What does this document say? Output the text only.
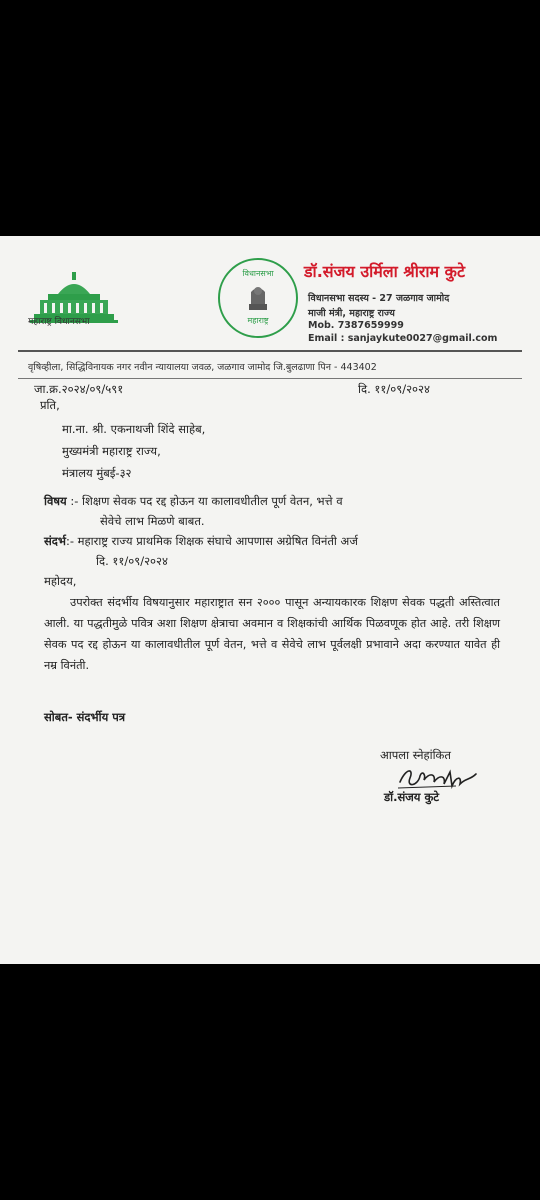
महाराष्ट्र विधानसभा
विधानसभा
महाराष्ट्र
डॉ.संजय उर्मिला श्रीराम कुटे
विधानसभा सदस्य - 27 जळगाव जामोद
माजी मंत्री, महाराष्ट्र राज्य
Mob. 7387659999
Email : sanjaykute0027@gmail.com
वृषिव्हीला, सिद्धिविनायक नगर नवीन न्यायालया जवळ, जळगाव जामोद जि.बुलढाणा पिन - 443402
जा.क्र.२०२४/०९/५९१	दि. ११/०९/२०२४
प्रति,
मा.ना. श्री. एकनाथजी शिंदे साहेब,
मुख्यमंत्री महाराष्ट्र राज्य,
मंत्रालय मुंबई-३२
विषय :- शिक्षण सेवक पद रद्द होऊन या कालावधीतील पूर्ण वेतन, भत्ते व
सेवेचे लाभ मिळणे बाबत.
संदर्भ:- महाराष्ट्र राज्य प्राथमिक शिक्षक संघाचे आपणास अग्रेषित विनंती अर्ज
दि. ११/०९/२०२४
महोदय,
उपरोक्त संदर्भीय विषयानुसार महाराष्ट्रात सन २००० पासून अन्यायकारक शिक्षण सेवक पद्धती अस्तित्वात आली. या पद्धतीमुळे पवित्र अशा शिक्षण क्षेत्राचा अवमान व शिक्षकांची आर्थिक पिळवणूक होत आहे. तरी शिक्षण सेवक पद रद्द होऊन या कालावधीतील पूर्ण वेतन, भत्ते व सेवेचे लाभ पूर्वलक्षी प्रभावाने अदा करण्यात यावेत ही नम्र विनंती.
सोबत- संदर्भीय पत्र
आपला स्नेहांकित
डॉ.संजय कुटे
